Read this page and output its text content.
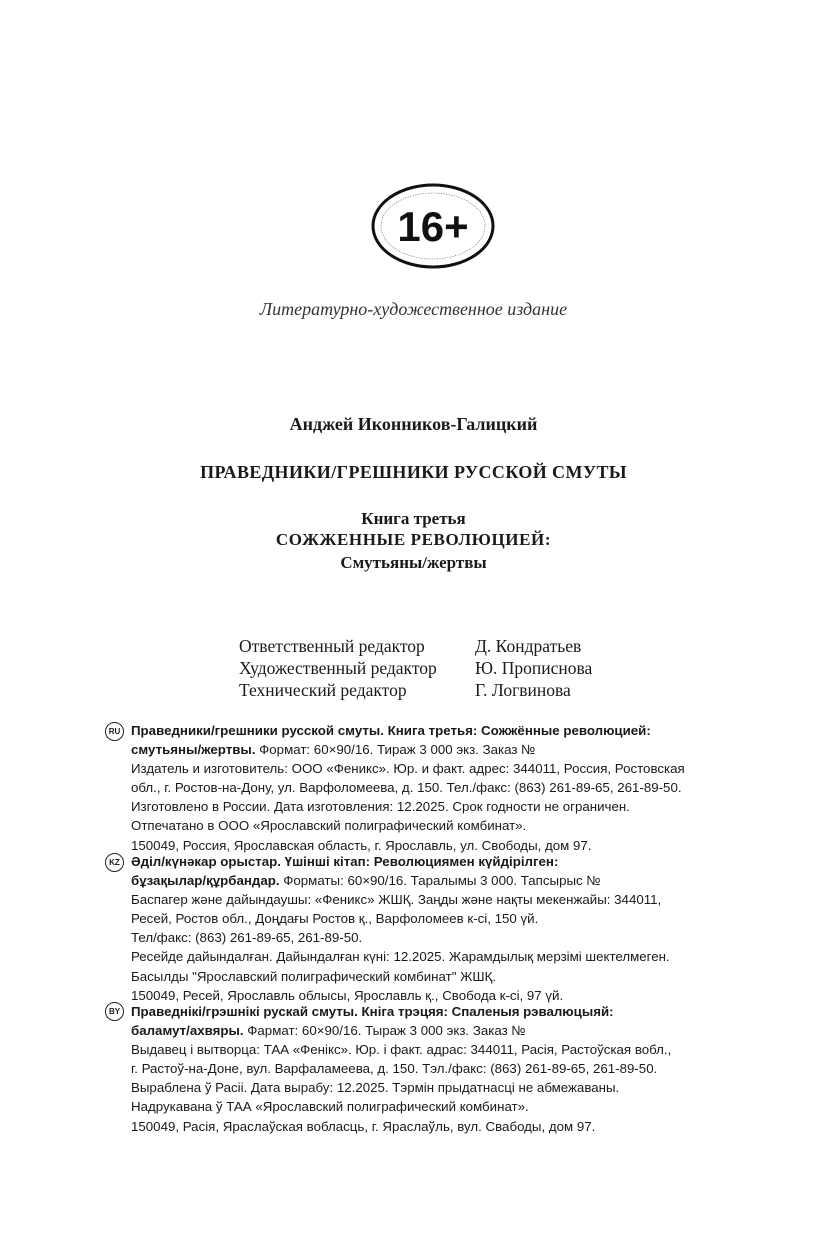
16+
Литературно-художественное издание
Анджей Иконников-Галицкий
ПРАВЕДНИКИ/ГРЕШНИКИ РУССКОЙ СМУТЫ
Книга третья
СОЖЖЕННЫЕ РЕВОЛЮЦИЕЙ:
Смутьяны/жертвы
Ответственный редактор	Д. Кондратьев
Художественный редактор	Ю. Прописнова
Технический редактор	Г. Логвинова
RU Праведники/грешники русской смуты. Книга третья: Сожжённые революцией:
смутьяны/жертвы. Формат: 60×90/16. Тираж 3 000 экз. Заказ №
Издатель и изготовитель: ООО «Феникс». Юр. и факт. адрес: 344011, Россия, Ростовская
обл., г. Ростов-на-Дону, ул. Варфоломеева, д. 150. Тел./факс: (863) 261-89-65, 261-89-50.
Изготовлено в России. Дата изготовления: 12.2025. Срок годности не ограничен.
Отпечатано в ООО «Ярославский полиграфический комбинат».
150049, Россия, Ярославская область, г. Ярославль, ул. Свободы, дом 97.
KZ Әділ/күнәкар орыстар. Үшінші кітап: Революциямен күйдірілген:
бұзақылар/құрбандар. Форматы: 60×90/16. Таралымы 3 000. Тапсырыс №
Баспагер және дайындаушы: «Феникс» ЖШҚ. Заңды және нақты мекенжайы: 344011,
Ресей, Ростов обл., Доңдағы Ростов қ., Варфоломеев к-сі, 150 үй.
Тел/факс: (863) 261-89-65, 261-89-50.
Ресейде дайындалған. Дайындалған күні: 12.2025. Жарамдылық мерзімі шектелмеген.
Басылды "Ярославский полиграфический комбинат" ЖШҚ.
150049, Ресей, Ярославль облысы, Ярославль қ., Свобода к-сі, 97 үй.
BY Праведнікі/грэшнікі рускай смуты. Кніга трэцяя: Спаленыя рэвалюцыяй:
баламут/ахвяры. Фармат: 60×90/16. Тыраж 3 000 экз. Заказ №
Выдавец і вытворца: ТАА «Фенікс». Юр. і факт. адрас: 344011, Расія, Растоўская вобл.,
г. Растоў-на-Доне, вул. Варфаламеева, д. 150. Тэл./факс: (863) 261-89-65, 261-89-50.
Выраблена ў Расіі. Дата вырабу: 12.2025. Тэрмін прыдатнасці не абмежаваны.
Надрукавана ў ТАА «Ярославский полиграфический комбинат».
150049, Расія, Яраслаўская вобласць, г. Яраслаўль, вул. Свабоды, дом 97.
